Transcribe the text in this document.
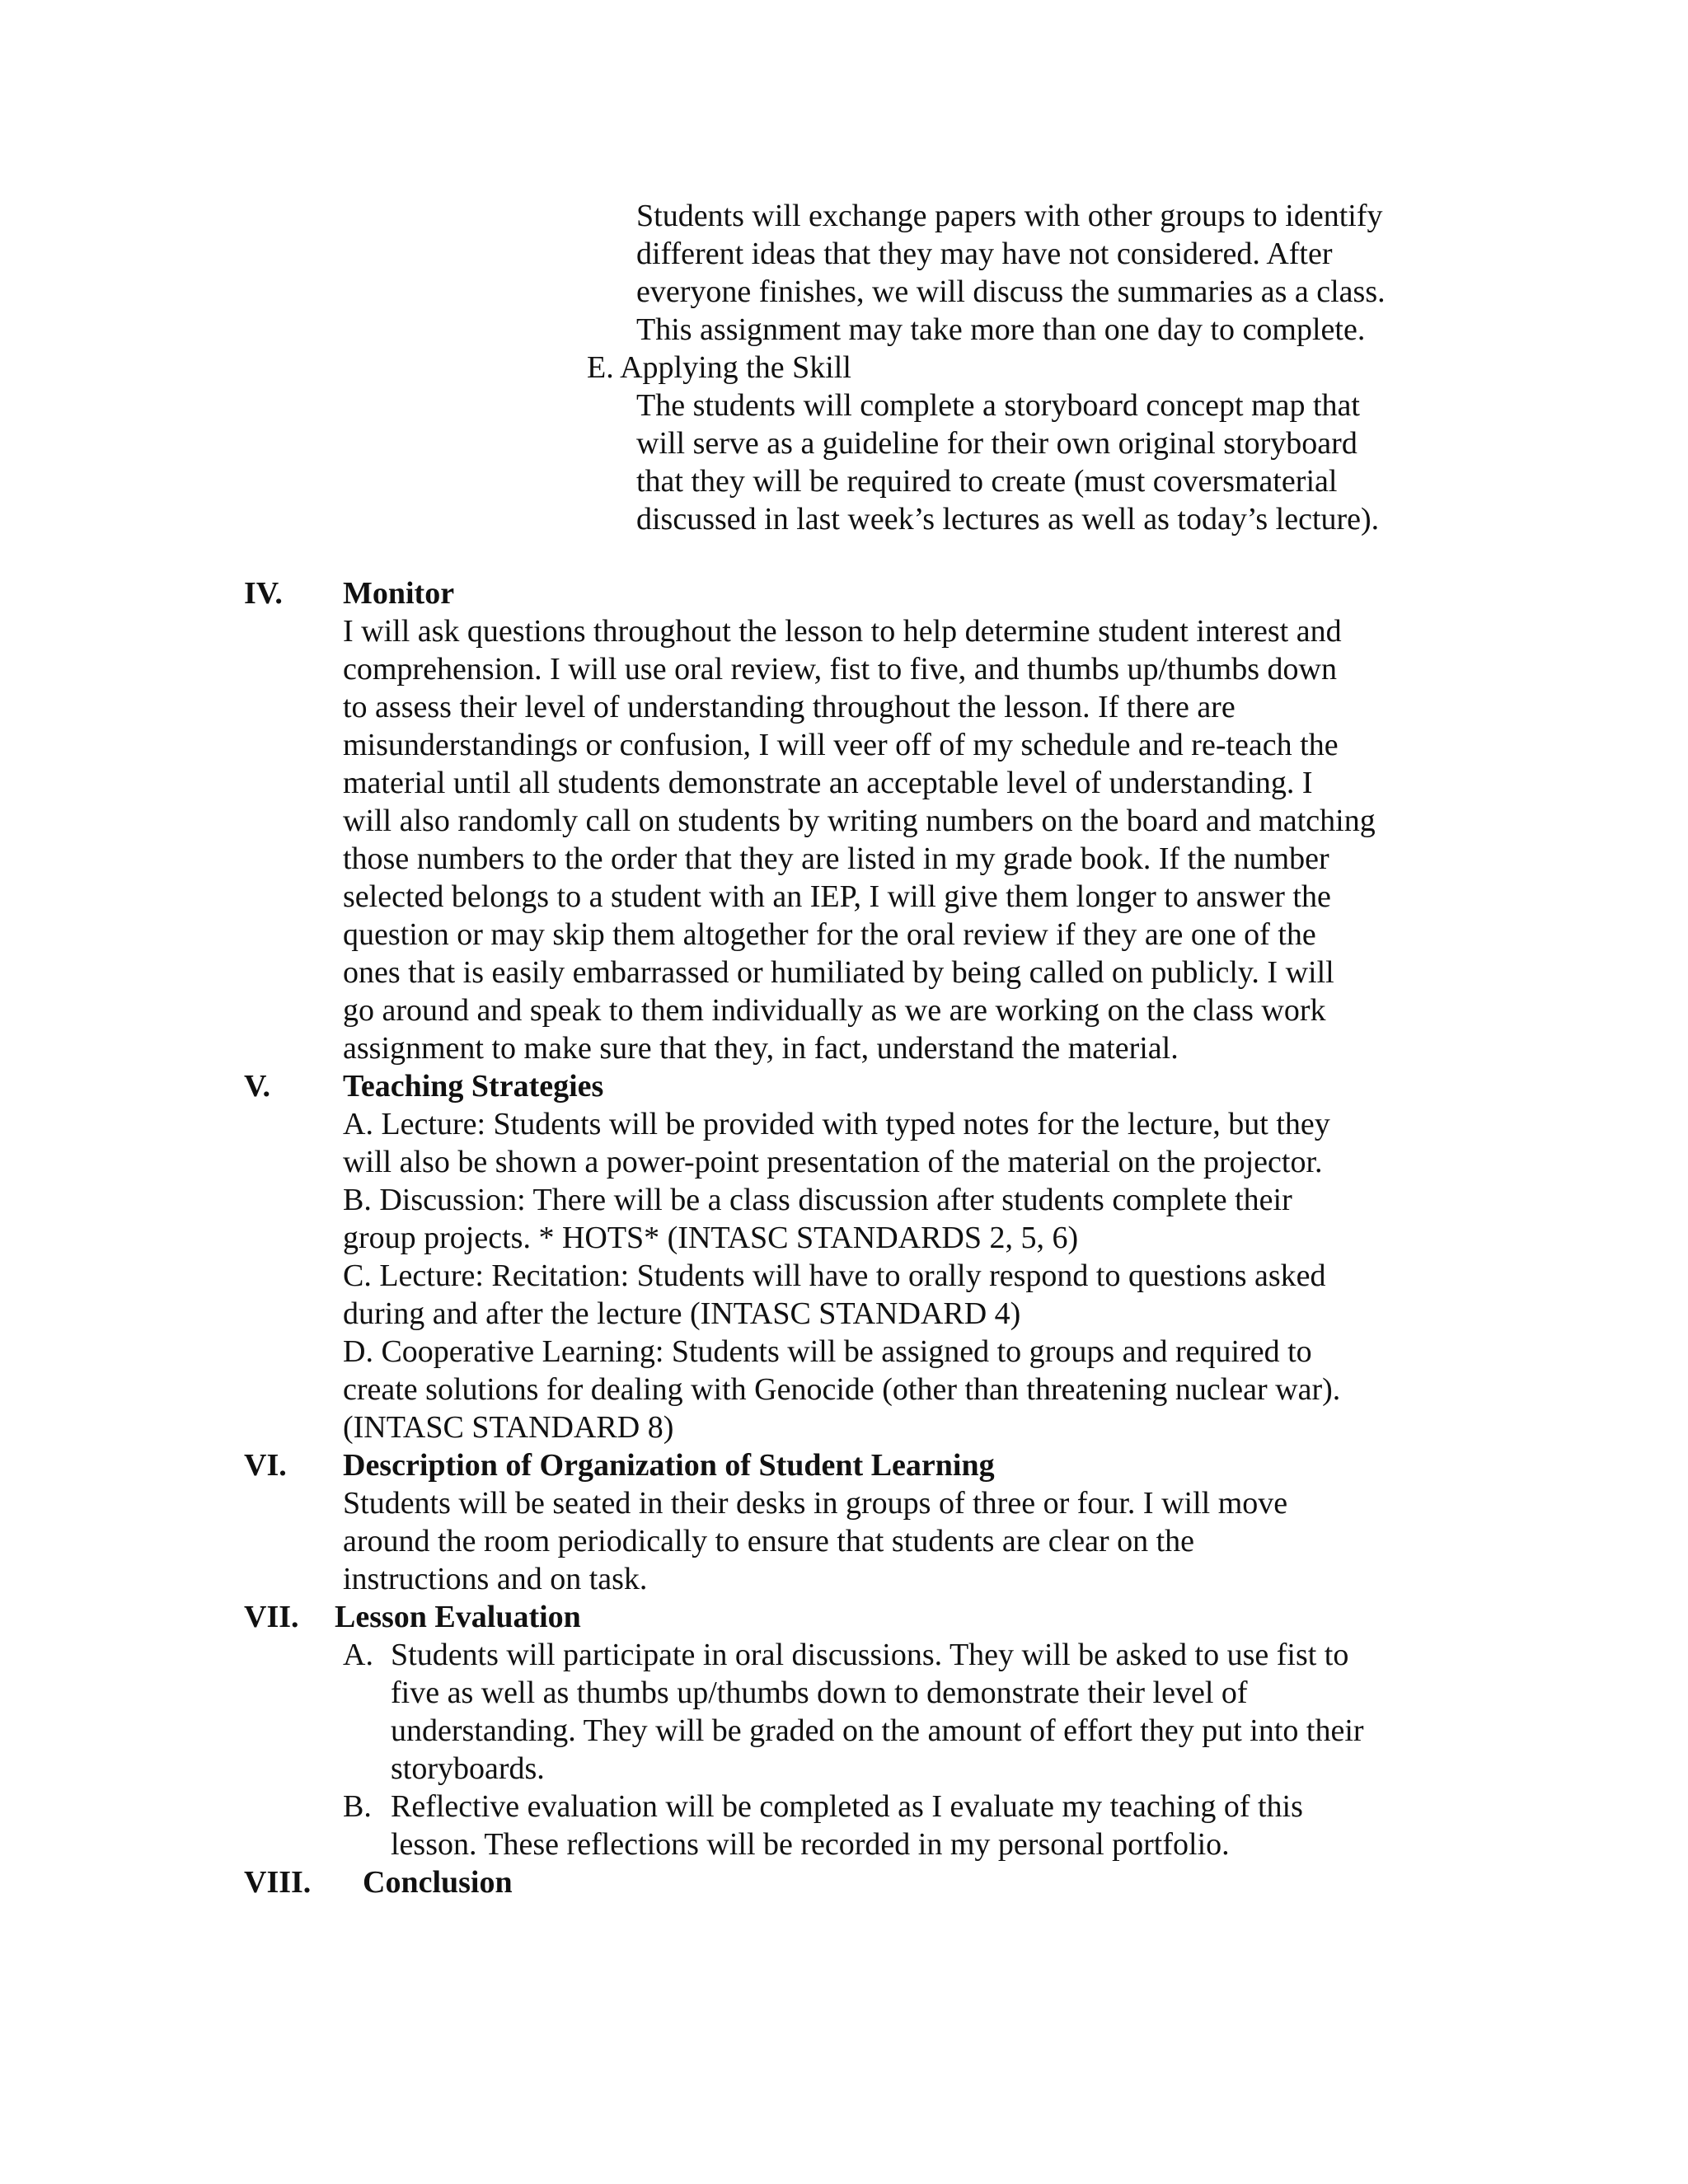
Students will exchange papers with other groups to identify

different ideas that they may have not considered. After

everyone finishes, we will discuss the summaries as a class.

This assignment may take more than one day to complete.

E. Applying the Skill

The students will complete a storyboard concept map that

will serve as a guideline for their own original storyboard

that they will be required to create (must coversmaterial

discussed in last week’s lectures as well as today’s lecture).

IV. Monitor

I will ask questions throughout the lesson to help determine student interest and

comprehension. I will use oral review, fist to five, and thumbs up/thumbs down

to assess their level of understanding throughout the lesson. If there are

misunderstandings or confusion, I will veer off of my schedule and re-teach the

material until all students demonstrate an acceptable level of understanding. I

will also randomly call on students by writing numbers on the board and matching

those numbers to the order that they are listed in my grade book. If the number

selected belongs to a student with an IEP, I will give them longer to answer the

question or may skip them altogether for the oral review if they are one of the

ones that is easily embarrassed or humiliated by being called on publicly. I will

go around and speak to them individually as we are working on the class work

assignment to make sure that they, in fact, understand the material.

V. Teaching Strategies

A. Lecture: Students will be provided with typed notes for the lecture, but they

will also be shown a power-point presentation of the material on the projector.

B. Discussion: There will be a class discussion after students complete their

group projects. * HOTS* (INTASC STANDARDS 2, 5, 6)

C. Lecture: Recitation: Students will have to orally respond to questions asked

during and after the lecture (INTASC STANDARD 4)

D. Cooperative Learning: Students will be assigned to groups and required to

create solutions for dealing with Genocide (other than threatening nuclear war).

(INTASC STANDARD 8)

VI. Description of Organization of Student Learning

Students will be seated in their desks in groups of three or four. I will move

around the room periodically to ensure that students are clear on the

instructions and on task.

VII. Lesson Evaluation

A. Students will participate in oral discussions. They will be asked to use fist to

five as well as thumbs up/thumbs down to demonstrate their level of

understanding. They will be graded on the amount of effort they put into their

storyboards.

B. Reflective evaluation will be completed as I evaluate my teaching of this

lesson. These reflections will be recorded in my personal portfolio.

VIII. Conclusion
